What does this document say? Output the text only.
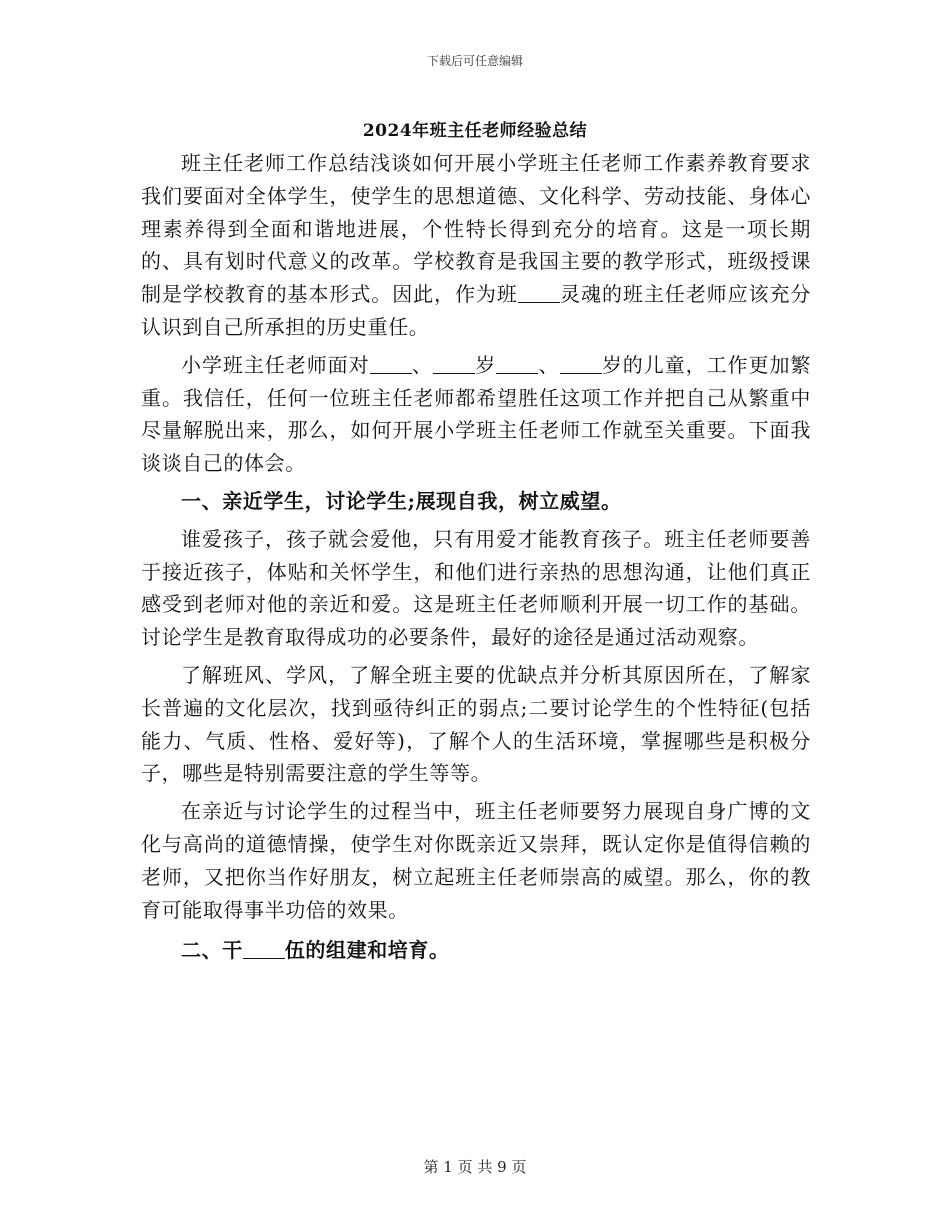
下载后可任意编辑
2024年班主任老师经验总结

班主任老师工作总结浅谈如何开展小学班主任老师工作素养教育要求我们要面对全体学生，使学生的思想道德、文化科学、劳动技能、身体心理素养得到全面和谐地进展，个性特长得到充分的培育。这是一项长期的、具有划时代意义的改革。学校教育是我国主要的教学形式，班级授课制是学校教育的基本形式。因此，作为班 灵魂的班主任老师应该充分认识到自己所承担的历史重任。

小学班主任老师面对 、 岁 、 岁的儿童，工作更加繁重。我信任，任何一位班主任老师都希望胜任这项工作并把自己从繁重中尽量解脱出来，那么，如何开展小学班主任老师工作就至关重要。下面我谈谈自己的体会。

一、亲近学生，讨论学生;展现自我，树立威望。

谁爱孩子，孩子就会爱他，只有用爱才能教育孩子。班主任老师要善于接近孩子，体贴和关怀学生，和他们进行亲热的思想沟通，让他们真正感受到老师对他的亲近和爱。这是班主任老师顺利开展一切工作的基础。讨论学生是教育取得成功的必要条件，最好的途径是通过活动观察。

了解班风、学风，了解全班主要的优缺点并分析其原因所在，了解家长普遍的文化层次，找到亟待纠正的弱点;二要讨论学生的个性特征(包括能力、气质、性格、爱好等)，了解个人的生活环境，掌握哪些是积极分子，哪些是特别需要注意的学生等等。

在亲近与讨论学生的过程当中，班主任老师要努力展现自身广博的文化与高尚的道德情操，使学生对你既亲近又崇拜，既认定你是值得信赖的老师，又把你当作好朋友，树立起班主任老师崇高的威望。那么，你的教育可能取得事半功倍的效果。

二、干 伍的组建和培育。

第 1 页 共 9 页
